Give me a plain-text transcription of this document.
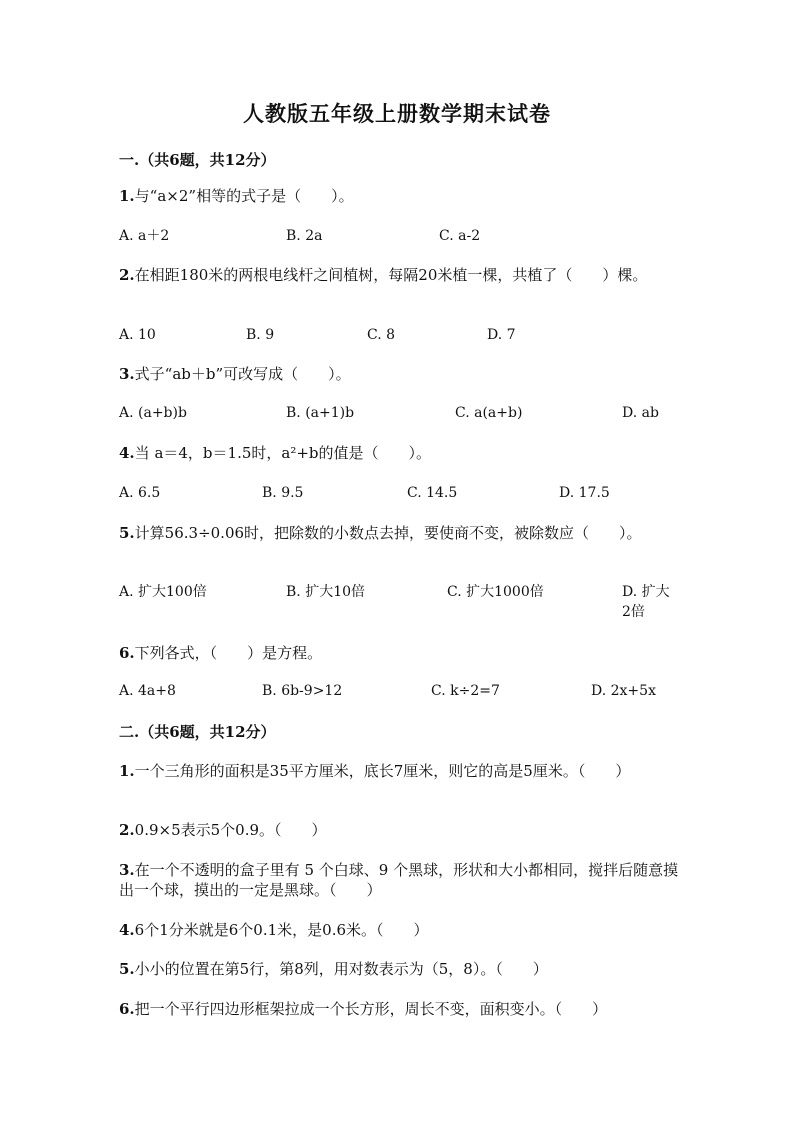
人教版五年级上册数学期末试卷
一.（共6题，共12分）
1.与“a×2”相等的式子是（　　）。
A. a＋2	B. 2a	C. a-2
2.在相距180米的两根电线杆之间植树，每隔20米植一棵，共植了（　　）棵。
A. 10	B. 9	C. 8	D. 7
3.式子“ab＋b”可改写成（　　）。
A. (a+b)b	B. (a+1)b	C. a(a+b)	D. ab
4.当 a＝4，b＝1.5时，a²+b的值是（　　）。
A. 6.5	B. 9.5	C. 14.5	D. 17.5
5.计算56.3÷0.06时，把除数的小数点去掉，要使商不变，被除数应（　　）。
A. 扩大100倍	B. 扩大10倍	C. 扩大1000倍	D. 扩大2倍
6.下列各式，（　　）是方程。
A. 4a+8	B. 6b-9>12	C. k÷2=7	D. 2x+5x
二.（共6题，共12分）
1.一个三角形的面积是35平方厘米，底长7厘米，则它的高是5厘米。（　　）
2.0.9×5表示5个0.9。（　　）
3.在一个不透明的盒子里有 5 个白球、9 个黑球，形状和大小都相同，搅拌后随意摸出一个球，摸出的一定是黑球。（　　）
4.6个1分米就是6个0.1米，是0.6米。（　　）
5.小小的位置在第5行，第8列，用对数表示为（5，8）。（　　）
6.把一个平行四边形框架拉成一个长方形，周长不变，面积变小。（　　）
